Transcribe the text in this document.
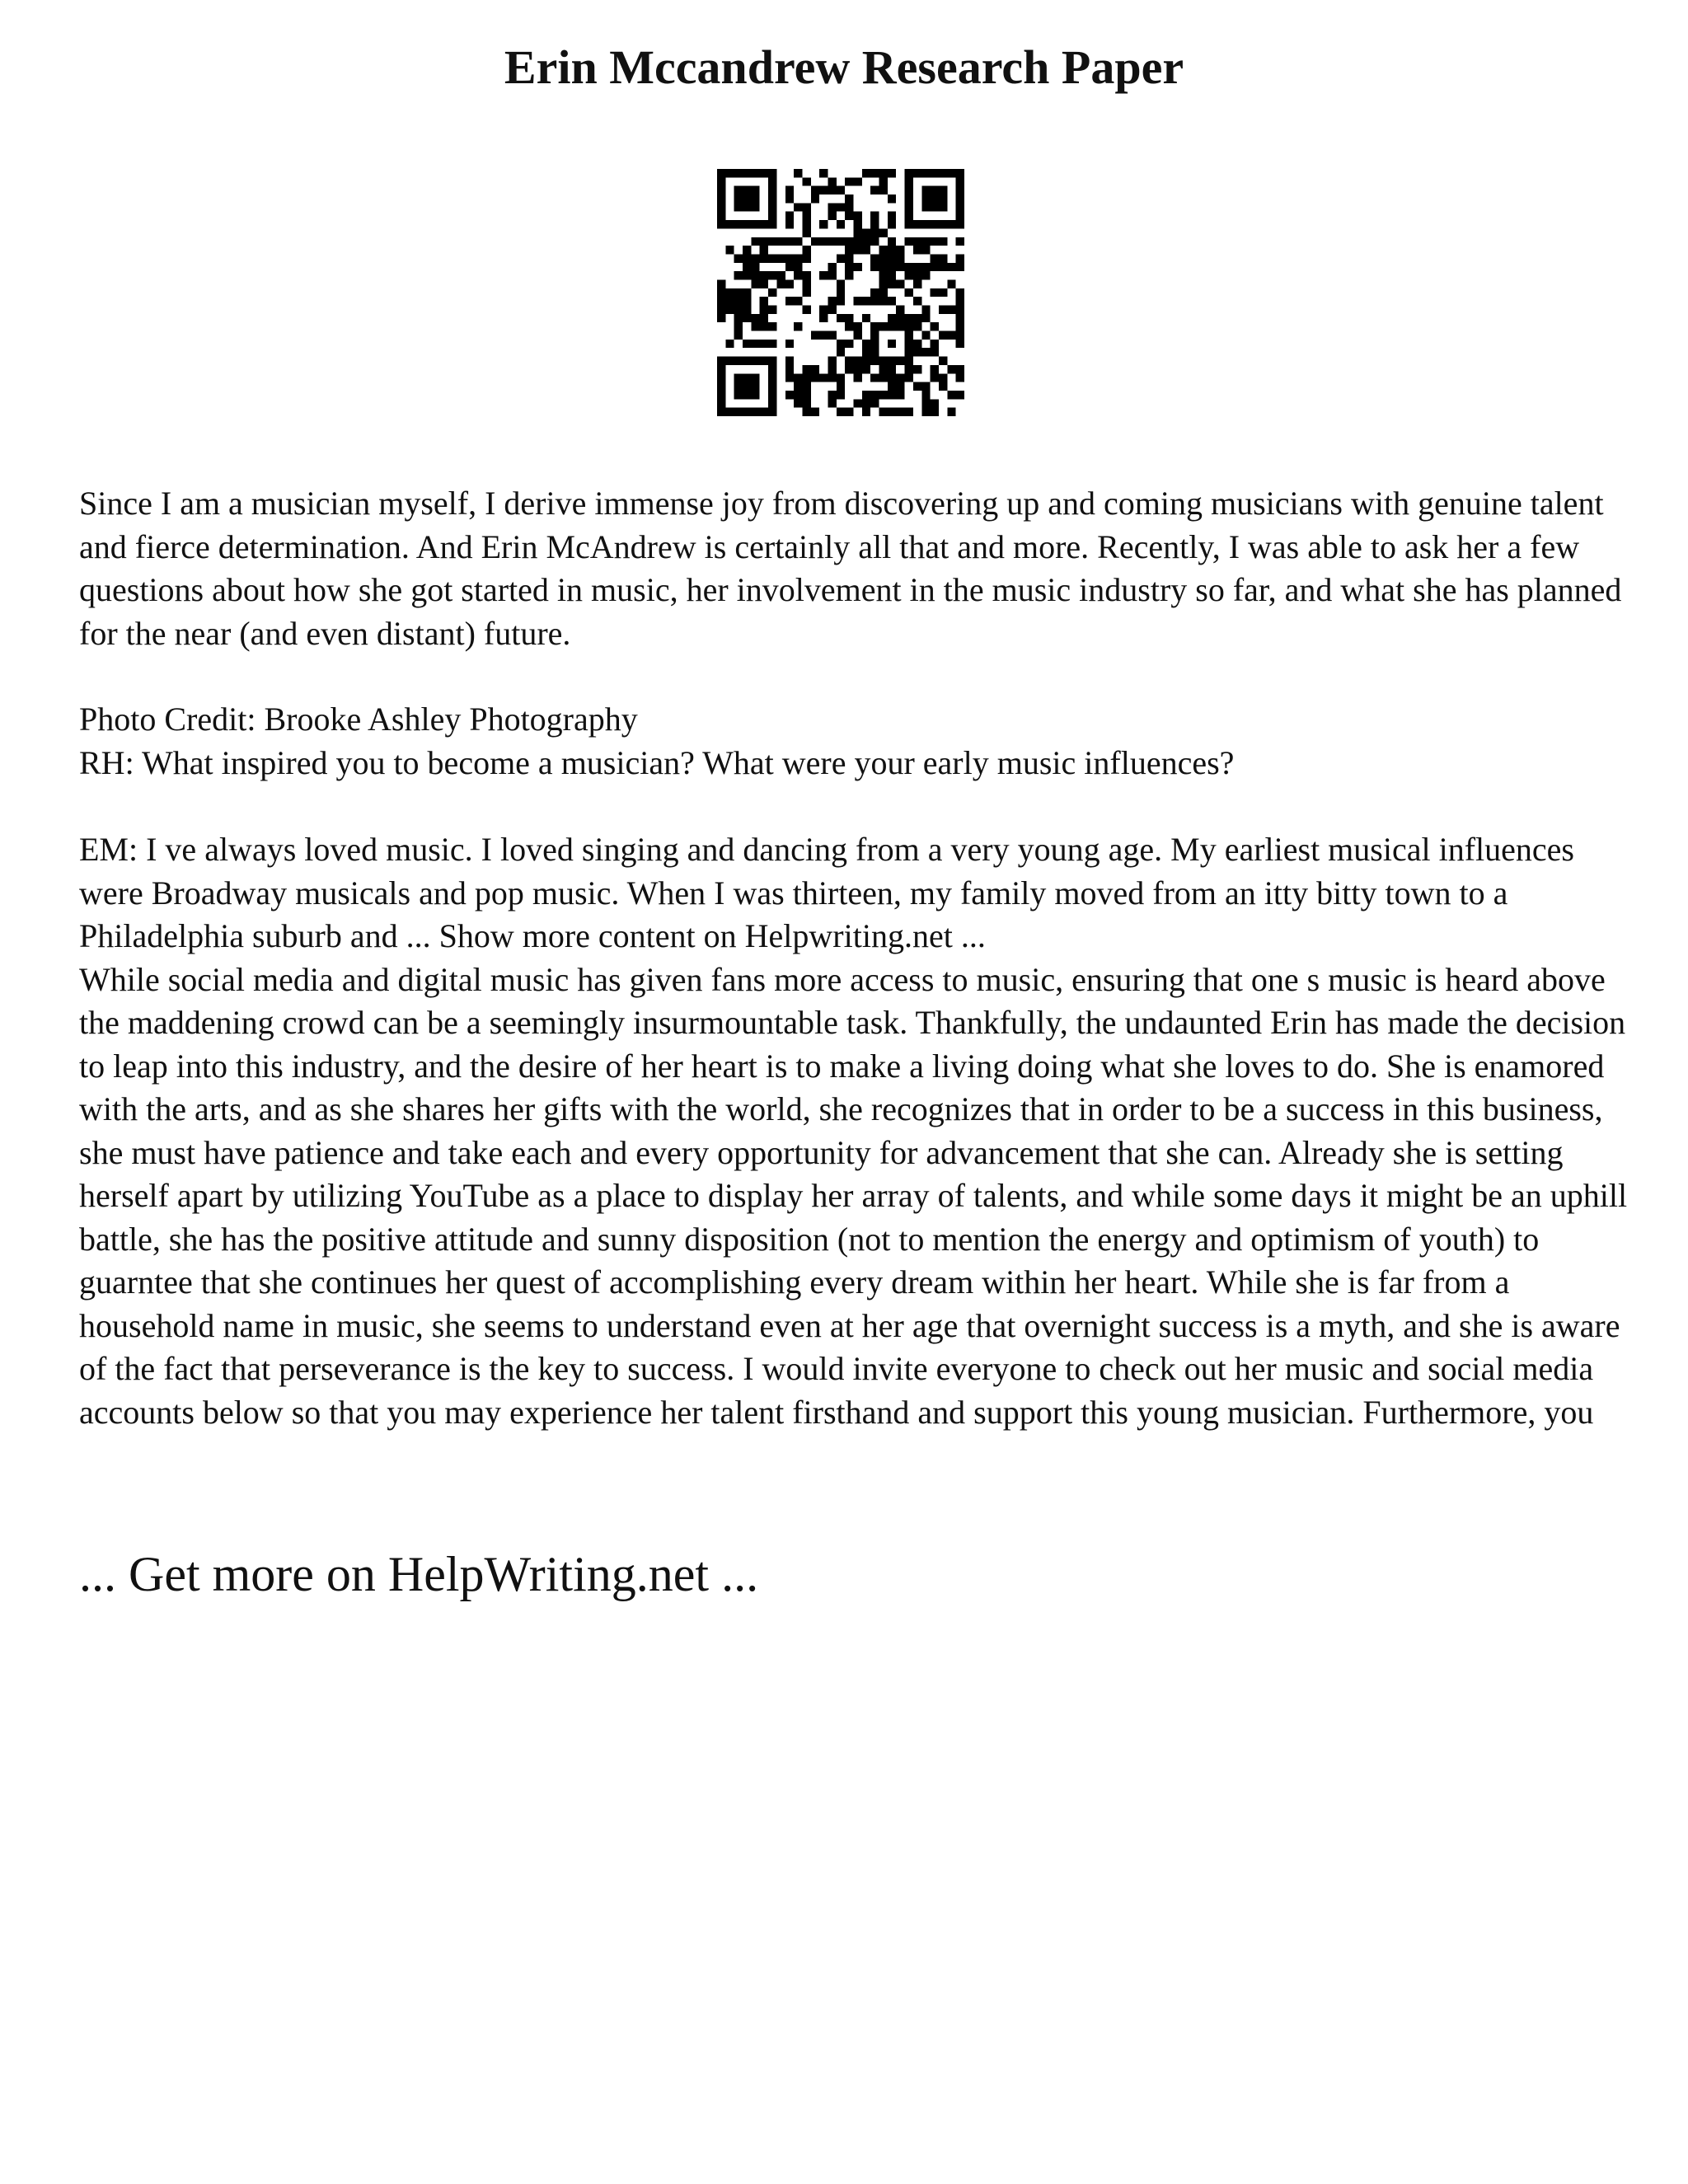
Erin Mccandrew Research Paper

Since I am a musician myself, I derive immense joy from discovering up and coming musicians with genuine talent and fierce determination. And Erin McAndrew is certainly all that and more. Recently, I was able to ask her a few questions about how she got started in music, her involvement in the music industry so far, and what she has planned for the near (and even distant) future.

Photo Credit: Brooke Ashley Photography
RH: What inspired you to become a musician? What were your early music influences?
EM: I ve always loved music. I loved singing and dancing from a very young age. My earliest musical influences were Broadway musicals and pop music. When I was thirteen, my family moved from an itty bitty town to a Philadelphia suburb and ... Show more content on Helpwriting.net ...
While social media and digital music has given fans more access to music, ensuring that one s music is heard above the maddening crowd can be a seemingly insurmountable task. Thankfully, the undaunted Erin has made the decision to leap into this industry, and the desire of her heart is to make a living doing what she loves to do. She is enamored with the arts, and as she shares her gifts with the world, she recognizes that in order to be a success in this business, she must have patience and take each and every opportunity for advancement that she can. Already she is setting herself apart by utilizing YouTube as a place to display her array of talents, and while some days it might be an uphill battle, she has the positive attitude and sunny disposition (not to mention the energy and optimism of youth) to guarntee that she continues her quest of accomplishing every dream within her heart. While she is far from a household name in music, she seems to understand even at her age that overnight success is a myth, and she is aware of the fact that perseverance is the key to success. I would invite everyone to check out her music and social media accounts below so that you may experience her talent firsthand and support this young musician. Furthermore, you

... Get more on HelpWriting.net ...
